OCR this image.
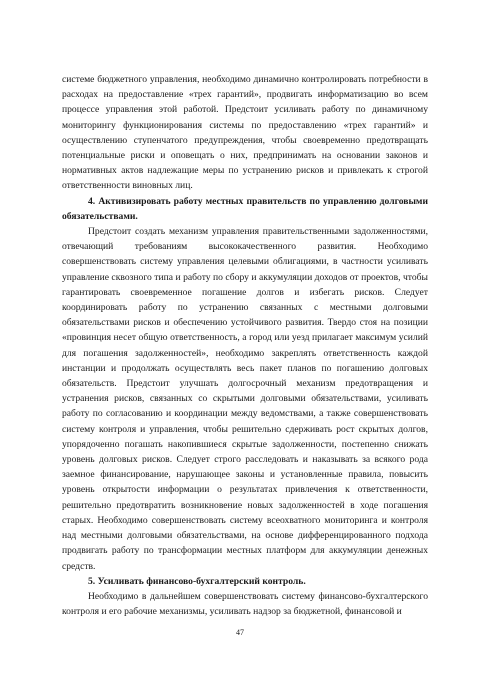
системе бюджетного управления, необходимо динамично контролировать потребности в расходах на предоставление «трех гарантий», продвигать информатизацию во всем процессе управления этой работой. Предстоит усиливать работу по динамичному мониторингу функционирования системы по предоставлению «трех гарантий» и осуществлению ступенчатого предупреждения, чтобы своевременно предотвращать потенциальные риски и оповещать о них, предпринимать на основании законов и нормативных актов надлежащие меры по устранению рисков и привлекать к строгой ответственности виновных лиц.

4. Активизировать работу местных правительств по управлению долговыми обязательствами.

Предстоит создать механизм управления правительственными задолженностями, отвечающий требованиям высококачественного развития. Необходимо совершенствовать систему управления целевыми облигациями, в частности усиливать управление сквозного типа и работу по сбору и аккумуляции доходов от проектов, чтобы гарантировать своевременное погашение долгов и избегать рисков. Следует координировать работу по устранению связанных с местными долговыми обязательствами рисков и обеспечению устойчивого развития. Твердо стоя на позиции «провинция несет общую ответственность, а город или уезд прилагает максимум усилий для погашения задолженностей», необходимо закреплять ответственность каждой инстанции и продолжать осуществлять весь пакет планов по погашению долговых обязательств. Предстоит улучшать долгосрочный механизм предотвращения и устранения рисков, связанных со скрытыми долговыми обязательствами, усиливать работу по согласованию и координации между ведомствами, а также совершенствовать систему контроля и управления, чтобы решительно сдерживать рост скрытых долгов, упорядоченно погашать накопившиеся скрытые задолженности, постепенно снижать уровень долговых рисков. Следует строго расследовать и наказывать за всякого рода заемное финансирование, нарушающее законы и установленные правила, повысить уровень открытости информации о результатах привлечения к ответственности, решительно предотвратить возникновение новых задолженностей в ходе погашения старых. Необходимо совершенствовать систему всеохватного мониторинга и контроля над местными долговыми обязательствами, на основе дифференцированного подхода продвигать работу по трансформации местных платформ для аккумуляции денежных средств.

5. Усиливать финансово-бухгалтерский контроль.

Необходимо в дальнейшем совершенствовать систему финансово-бухгалтерского контроля и его рабочие механизмы, усиливать надзор за бюджетной, финансовой и

47
